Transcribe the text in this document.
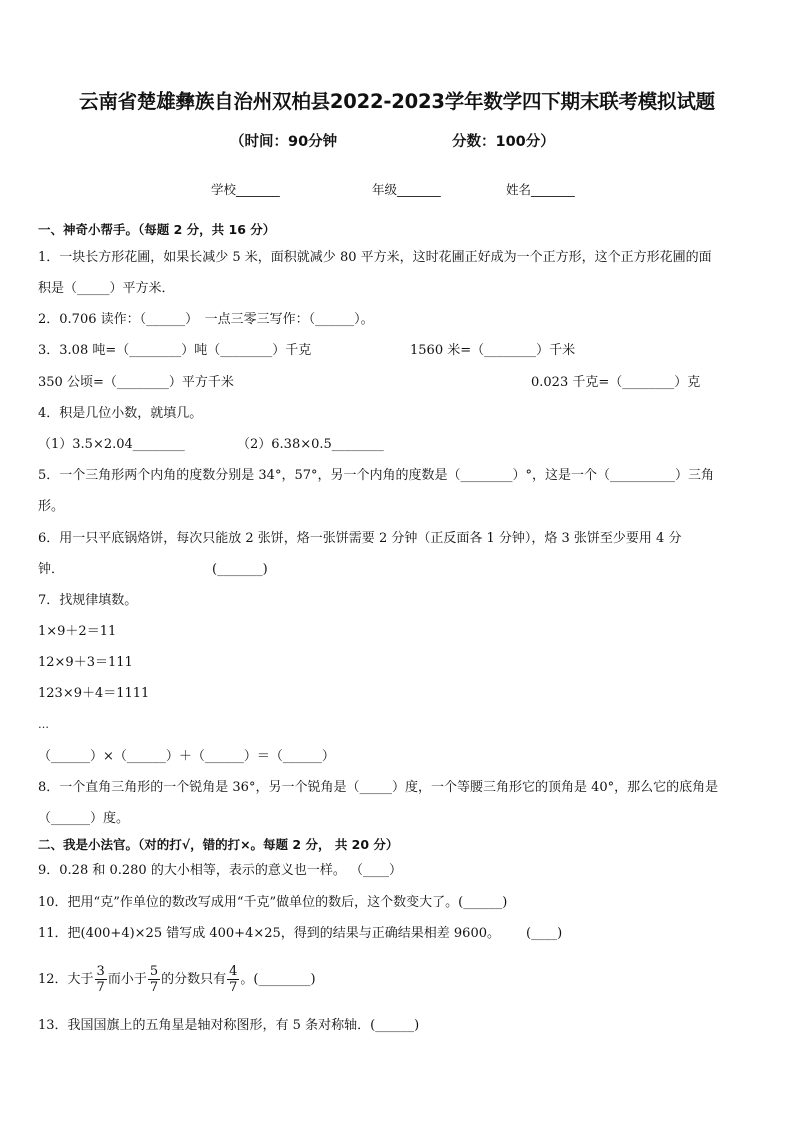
云南省楚雄彝族自治州双柏县2022-2023学年数学四下期末联考模拟试题
（时间：90分钟	分数：100分）
学校_______	年级_______	姓名_______
一、神奇小帮手。（每题 2 分，共 16 分）
1．一块长方形花圃，如果长减少 5 米，面积就减少 80 平方米，这时花圃正好成为一个正方形，这个正方形花圃的面
积是（_____）平方米．
2．0.706 读作：（______）　一点三零三写作：（______）。
3．3.08 吨=（________）吨（________）千克	1560 米=（________）千米
350 公顷=（________）平方千米	0.023 千克=（________）克
4．积是几位小数，就填几。
（1）3.5×2.04________	（2）6.38×0.5________
5．一个三角形两个内角的度数分别是 34°，57°，另一个内角的度数是（________）°，这是一个（__________）三角
形。
6．用一只平底锅烙饼，每次只能放 2 张饼，烙一张饼需要 2 分钟（正反面各 1 分钟），烙 3 张饼至少要用 4 分
钟．	(_______)
7．找规律填数。
1×9＋2＝11
12×9＋3＝111
123×9＋4＝1111
…
（______）×（______）＋（______）＝（______）
8．一个直角三角形的一个锐角是 36°，另一个锐角是（_____）度，一个等腰三角形它的顶角是 40°，那么它的底角是
（______）度。
二、我是小法官。（对的打√，错的打×。每题 2 分， 共 20 分）
9．0.28 和 0.280 的大小相等，表示的意义也一样。 （____）
10．把用“克”作单位的数改写成用“千克”做单位的数后，这个数变大了。(______)
11．把(400+4)×25 错写成 400+4×25，得到的结果与正确结果相差 9600。 (____)
12．大于 $\frac{3}{7}$ 而小于 $\frac{5}{7}$ 的分数只有 $\frac{4}{7}$ 。(________)
13．我国国旗上的五角星是轴对称图形，有 5 条对称轴．(______)
